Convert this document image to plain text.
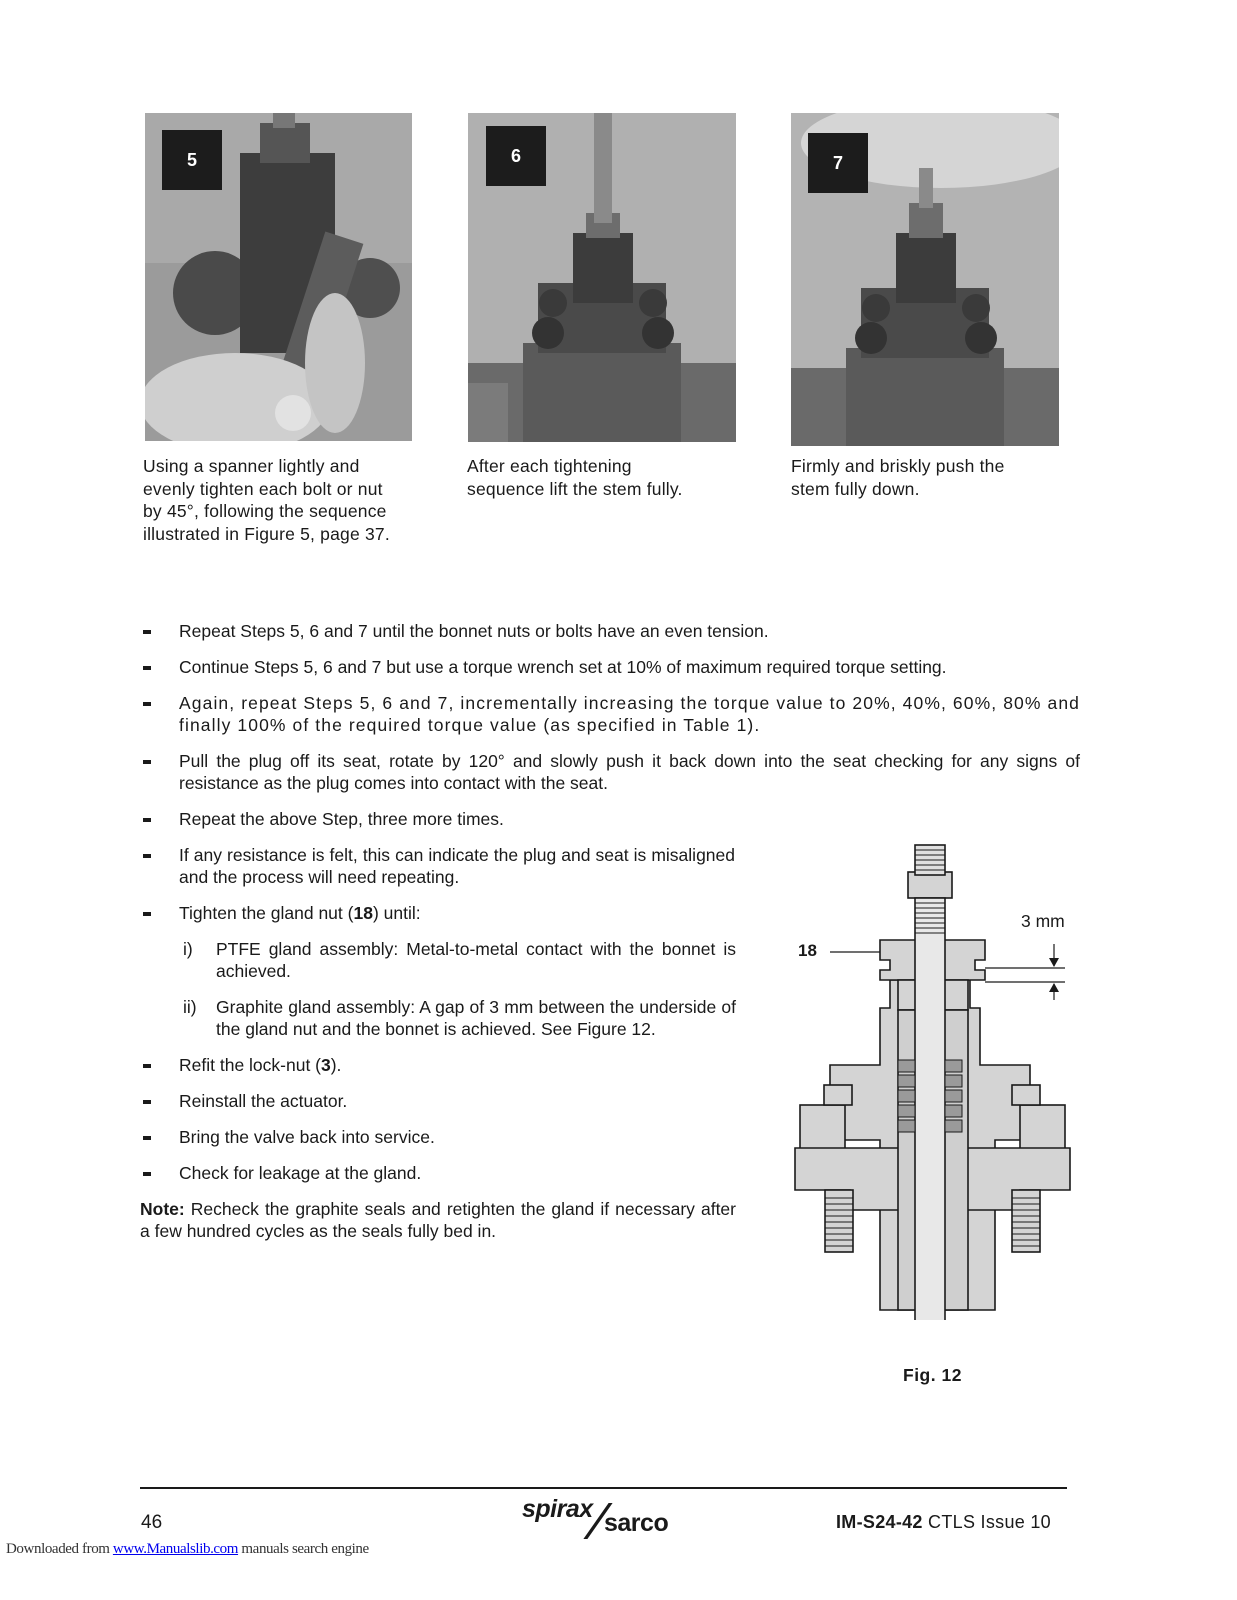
5	6	7
Using a spanner lightly and
evenly tighten each bolt or nut
by 45°, following the sequence
illustrated in Figure 5, page 37.
After each tightening
sequence lift the stem fully.
Firmly and briskly push the
stem fully down.
Repeat Steps 5, 6 and 7 until the bonnet nuts or bolts have an even tension.
Continue Steps 5, 6 and 7 but use a torque wrench set at 10% of maximum required torque setting.
Again, repeat Steps 5, 6 and 7, incrementally increasing the torque value to 20%, 40%, 60%, 80% and finally 100% of the required torque value (as specified in Table 1).
Pull the plug off its seat, rotate by 120° and slowly push it back down into the seat checking for any signs of resistance as the plug comes into contact with the seat.
Repeat the above Step, three more times.
If any resistance is felt, this can indicate the plug and seat is misaligned and the process will need repeating.
Tighten the gland nut (18) until:
i) PTFE gland assembly: Metal-to-metal contact with the bonnet is achieved.
ii) Graphite gland assembly: A gap of 3 mm between the underside of the gland nut and the bonnet is achieved. See Figure 12.
Refit the lock-nut (3).
Reinstall the actuator.
Bring the valve back into service.
Check for leakage at the gland.
Note: Recheck the graphite seals and retighten the gland if necessary after a few hundred cycles as the seals fully bed in.
18
3 mm
Fig. 12
46	spirax sarco	IM-S24-42 CTLS Issue 10
Downloaded from www.Manualslib.com manuals search engine
